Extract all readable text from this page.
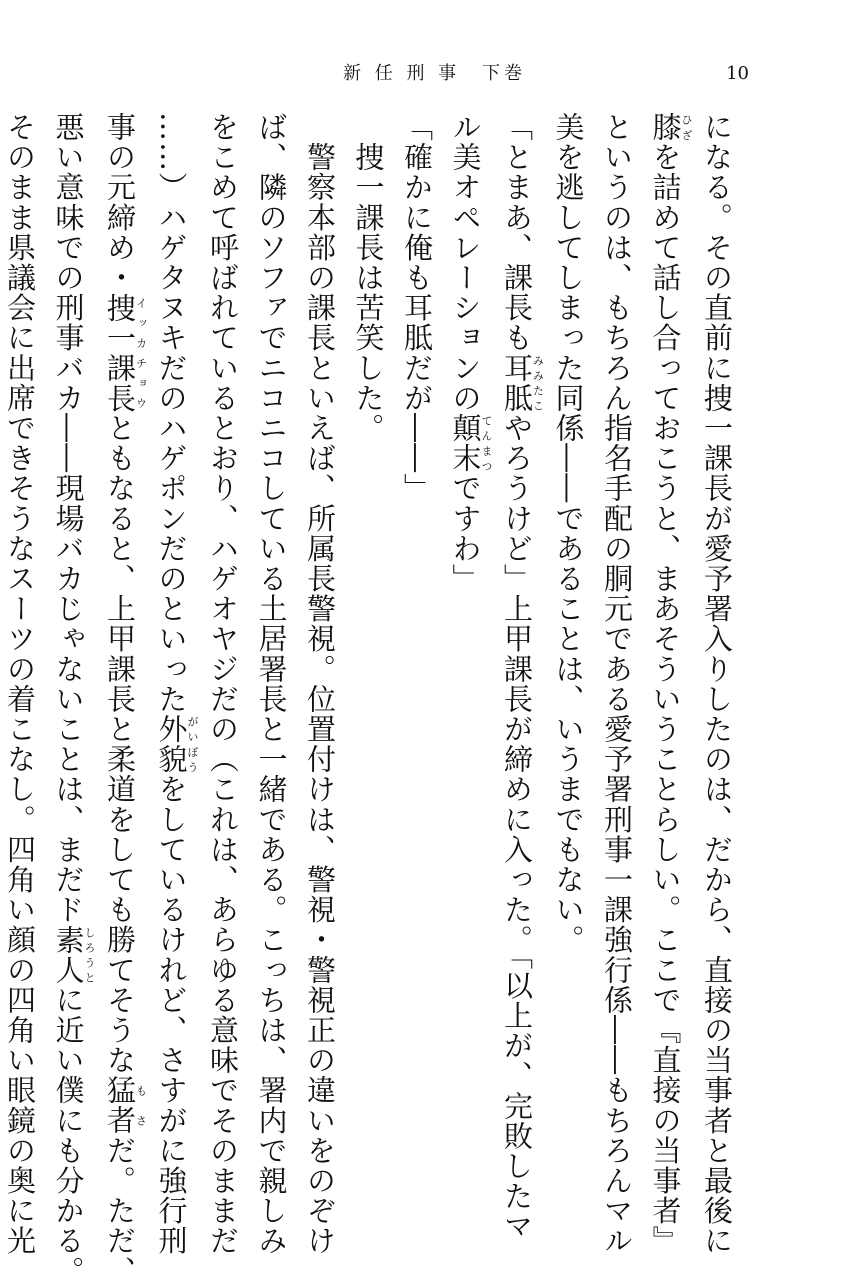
新 任 刑 事　下巻	10
になる。その直前に捜一課長が愛予署入りしたのは、だから、直接の当事者と最後に
膝ひざを詰めて話し合っておこうと、まあそういうことらしい。ここで『直接の当事者』
というのは、もちろん指名手配の胴元である愛予署刑事一課強行係――もちろんマル
美を逃してしまった同係――であることは、いうまでもない。
「とまあ、課長も耳胝みみたこやろうけど」上甲課長が締めに入った。「以上が、完敗したマ
ル美オペレーションの顛末てんまつですわ」
「確かに俺も耳胝だが――」
　捜一課長は苦笑した。
　警察本部の課長といえば、所属長警視。位置付けは、警視・警視正の違いをのぞけ
ば、隣のソファでニコニコしている土居署長と一緒である。こっちは、署内で親しみ
をこめて呼ばれているとおり、ハゲオヤジだの（これは、あらゆる意味でそのままだ
……）ハゲタヌキだのハゲポンだのといった外貌がいぼうをしているけれど、さすがに強行刑
事の元締め・捜一課長イッカチョウともなると、上甲課長と柔道をしても勝てそうな猛者もさだ。ただ、
悪い意味での刑事バカ――現場バカじゃないことは、まだド素人しろうとに近い僕にも分かる。
そのまま県議会に出席できそうなスーツの着こなし。四角い顔の四角い眼鏡の奥に光
